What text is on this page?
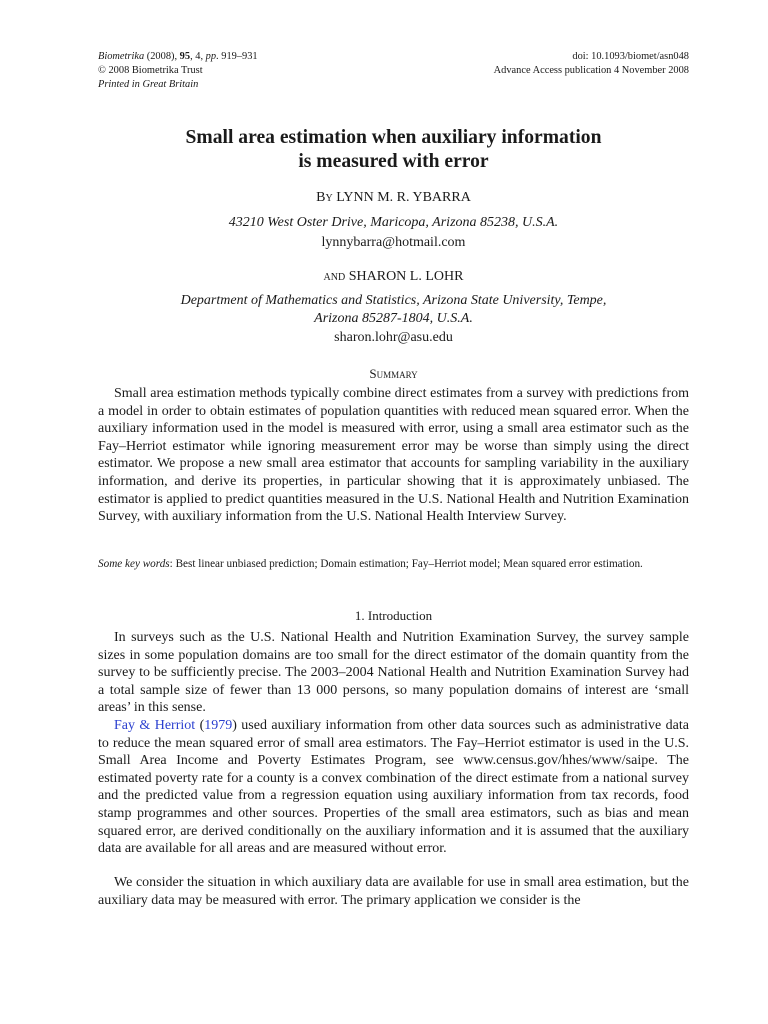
Biometrika (2008), 95, 4, pp. 919–931
© 2008 Biometrika Trust
Printed in Great Britain
doi: 10.1093/biomet/asn048
Advance Access publication 4 November 2008
Small area estimation when auxiliary information
is measured with error
By LYNN M. R. YBARRA
43210 West Oster Drive, Maricopa, Arizona 85238, U.S.A.
lynnybarra@hotmail.com
and SHARON L. LOHR
Department of Mathematics and Statistics, Arizona State University, Tempe,
Arizona 85287-1804, U.S.A.
sharon.lohr@asu.edu
Summary

Small area estimation methods typically combine direct estimates from a survey with predictions from a model in order to obtain estimates of population quantities with reduced mean squared error. When the auxiliary information used in the model is measured with error, using a small area estimator such as the Fay–Herriot estimator while ignoring measurement error may be worse than simply using the direct estimator. We propose a new small area estimator that accounts for sampling variability in the auxiliary information, and derive its properties, in particular showing that it is approximately unbiased. The estimator is applied to predict quantities measured in the U.S. National Health and Nutrition Examination Survey, with auxiliary information from the U.S. National Health Interview Survey.

Some key words: Best linear unbiased prediction; Domain estimation; Fay–Herriot model; Mean squared error estimation.
1. Introduction

In surveys such as the U.S. National Health and Nutrition Examination Survey, the survey sample sizes in some population domains are too small for the direct estimator of the domain quantity from the survey to be sufficiently precise. The 2003–2004 National Health and Nutrition Examination Survey had a total sample size of fewer than 13 000 persons, so many population domains of interest are ‘small areas’ in this sense.

Fay & Herriot (1979) used auxiliary information from other data sources such as administrative data to reduce the mean squared error of small area estimators. The Fay–Herriot estimator is used in the U.S. Small Area Income and Poverty Estimates Program, see www.census.gov/hhes/www/saipe. The estimated poverty rate for a county is a convex combination of the direct estimate from a national survey and the predicted value from a regression equation using auxiliary information from tax records, food stamp programmes and other sources. Properties of the small area estimators, such as bias and mean squared error, are derived conditionally on the auxiliary information and it is assumed that the auxiliary data are available for all areas and are measured without error.

We consider the situation in which auxiliary data are available for use in small area estimation, but the auxiliary data may be measured with error. The primary application we consider is the
